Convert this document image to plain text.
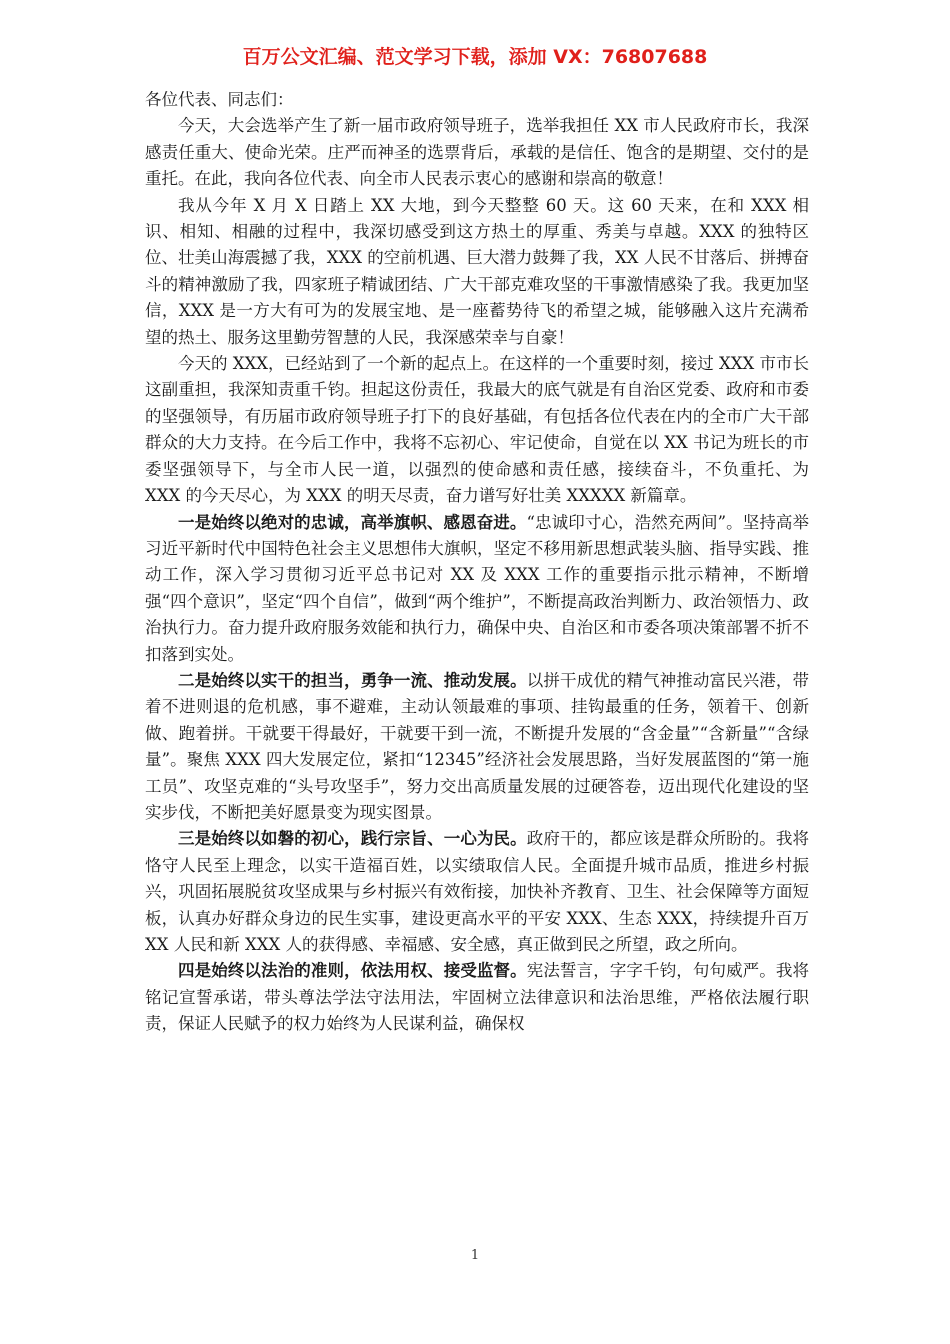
百万公文汇编、范文学习下载，添加 VX：76807688

各位代表、同志们：

今天，大会选举产生了新一届市政府领导班子，选举我担任 XX 市人民政府市长，我深感责任重大、使命光荣。庄严而神圣的选票背后，承载的是信任、饱含的是期望、交付的是重托。在此，我向各位代表、向全市人民表示衷心的感谢和崇高的敬意！

我从今年 X 月 X 日踏上 XX 大地，到今天整整 60 天。这 60 天来，在和 XXX 相识、相知、相融的过程中，我深切感受到这方热土的厚重、秀美与卓越。XXX 的独特区位、壮美山海震撼了我，XXX 的空前机遇、巨大潜力鼓舞了我，XX 人民不甘落后、拼搏奋斗的精神激励了我，四家班子精诚团结、广大干部克难攻坚的干事激情感染了我。我更加坚信，XXX 是一方大有可为的发展宝地、是一座蓄势待飞的希望之城，能够融入这片充满希望的热土、服务这里勤劳智慧的人民，我深感荣幸与自豪！

今天的 XXX，已经站到了一个新的起点上。在这样的一个重要时刻，接过 XXX 市市长这副重担，我深知责重千钧。担起这份责任，我最大的底气就是有自治区党委、政府和市委的坚强领导，有历届市政府领导班子打下的良好基础，有包括各位代表在内的全市广大干部群众的大力支持。在今后工作中，我将不忘初心、牢记使命，自觉在以 XX 书记为班长的市委坚强领导下，与全市人民一道，以强烈的使命感和责任感，接续奋斗，不负重托、为 XXX 的今天尽心，为 XXX 的明天尽责，奋力谱写好壮美 XXXXX 新篇章。

一是始终以绝对的忠诚，高举旗帜、感恩奋进。“忠诚印寸心，浩然充两间”。坚持高举习近平新时代中国特色社会主义思想伟大旗帜，坚定不移用新思想武装头脑、指导实践、推动工作，深入学习贯彻习近平总书记对 XX 及 XXX 工作的重要指示批示精神，不断增强“四个意识”，坚定“四个自信”，做到“两个维护”，不断提高政治判断力、政治领悟力、政治执行力。奋力提升政府服务效能和执行力，确保中央、自治区和市委各项决策部署不折不扣落到实处。

二是始终以实干的担当，勇争一流、推动发展。以拼干成优的精气神推动富民兴港，带着不进则退的危机感，事不避难，主动认领最难的事项、挂钩最重的任务，领着干、创新做、跑着拼。干就要干得最好，干就要干到一流，不断提升发展的“含金量”“含新量”“含绿量”。聚焦 XXX 四大发展定位，紧扣“12345”经济社会发展思路，当好发展蓝图的“第一施工员”、攻坚克难的“头号攻坚手”，努力交出高质量发展的过硬答卷，迈出现代化建设的坚实步伐，不断把美好愿景变为现实图景。

三是始终以如磐的初心，践行宗旨、一心为民。政府干的，都应该是群众所盼的。我将恪守人民至上理念，以实干造福百姓，以实绩取信人民。全面提升城市品质，推进乡村振兴，巩固拓展脱贫攻坚成果与乡村振兴有效衔接，加快补齐教育、卫生、社会保障等方面短板，认真办好群众身边的民生实事，建设更高水平的平安 XXX、生态 XXX，持续提升百万 XX 人民和新 XXX 人的获得感、幸福感、安全感，真正做到民之所望，政之所向。

四是始终以法治的准则，依法用权、接受监督。宪法誓言，字字千钧，句句威严。我将铭记宣誓承诺，带头尊法学法守法用法，牢固树立法律意识和法治思维，严格依法履行职责，保证人民赋予的权力始终为人民谋利益，确保权

1
